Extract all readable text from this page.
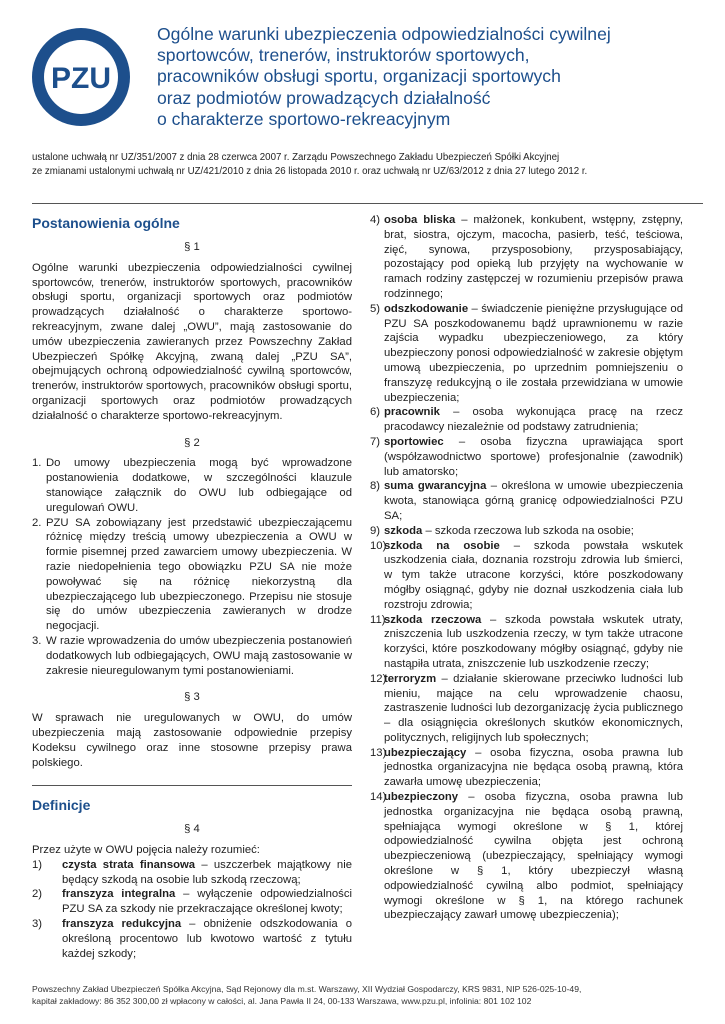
PZU
Ogólne warunki ubezpieczenia odpowiedzialności cywilnej
sportowców, trenerów, instruktorów sportowych,
pracowników obsługi sportu, organizacji sportowych
oraz podmiotów prowadzących działalność
o charakterze sportowo-rekreacyjnym
ustalone uchwałą nr UZ/351/2007 z dnia 28 czerwca 2007 r. Zarządu Powszechnego Zakładu Ubezpieczeń Spółki Akcyjnej
ze zmianami ustalonymi uchwałą nr UZ/421/2010 z dnia 26 listopada 2010 r. oraz uchwałą nr UZ/63/2012 z dnia 27 lutego 2012 r.
Postanowienia ogólne
§ 1

Ogólne warunki ubezpieczenia odpowiedzialności cywilnej sportowców, trenerów, instruktorów sportowych, pracowników obsługi sportu, organizacji sportowych oraz podmiotów prowadzących działalność o charakterze sportowo-rekreacyjnym, zwane dalej „OWU”, mają zastosowanie do umów ubezpieczenia zawieranych przez Powszechny Zakład Ubezpieczeń Spółkę Akcyjną, zwaną dalej „PZU SA”, obejmujących ochroną odpowiedzialność cywilną sportowców, trenerów, instruktorów sportowych, pracowników obsługi sportu, organizacji sportowych oraz podmiotów prowadzących działalność o charakterze sportowo-rekreacyjnym.

§ 2
1. Do umowy ubezpieczenia mogą być wprowadzone postanowienia dodatkowe, w szczególności klauzule stanowiące załącznik do OWU lub odbiegające od uregulowań OWU.
2. PZU SA zobowiązany jest przedstawić ubezpieczającemu różnicę między treścią umowy ubezpieczenia a OWU w formie pisemnej przed zawarciem umowy ubezpieczenia. W razie niedopełnienia tego obowiązku PZU SA nie może powoływać się na różnicę niekorzystną dla ubezpieczającego lub ubezpieczonego. Przepisu nie stosuje się do umów ubezpieczenia zawieranych w drodze negocjacji.
3. W razie wprowadzenia do umów ubezpieczenia postanowień dodatkowych lub odbiegających, OWU mają zastosowanie w zakresie nieuregulowanym tymi postanowieniami.
§ 3

W sprawach nie uregulowanych w OWU, do umów ubezpieczenia mają zastosowanie odpowiednie przepisy Kodeksu cywilnego oraz inne stosowne przepisy prawa polskiego.

Definicje
§ 4

Przez użyte w OWU pojęcia należy rozumieć:

1)	czysta strata finansowa – uszczerbek majątkowy nie będący szkodą na osobie lub szkodą rzeczową;
2)	franszyza integralna – wyłączenie odpowiedzialności PZU SA za szkody nie przekraczające określonej kwoty;
3)	franszyza redukcyjna – obniżenie odszkodowania o określoną procentowo lub kwotowo wartość z tytułu każdej szkody;
4) osoba bliska – małżonek, konkubent, wstępny, zstępny, brat, siostra, ojczym, macocha, pasierb, teść, teściowa, zięć, synowa, przysposobiony, przysposabiający, pozostający pod opieką lub przyjęty na wychowanie w ramach rodziny zastępczej w rozumieniu przepisów prawa rodzinnego;
5) odszkodowanie – świadczenie pieniężne przysługujące od PZU SA poszkodowanemu bądź uprawnionemu w razie zajścia wypadku ubezpieczeniowego, za który ubezpieczony ponosi odpowiedzialność w zakresie objętym umową ubezpieczenia, po uprzednim pomniejszeniu o franszyzę redukcyjną o ile została przewidziana w umowie ubezpieczenia;
6) pracownik – osoba wykonująca pracę na rzecz pracodawcy niezależnie od podstawy zatrudnienia;
7) sportowiec – osoba fizyczna uprawiająca sport (współzawodnictwo sportowe) profesjonalnie (zawodnik) lub amatorsko;
8) suma gwarancyjna – określona w umowie ubezpieczenia kwota, stanowiąca górną granicę odpowiedzialności PZU SA;
9) szkoda – szkoda rzeczowa lub szkoda na osobie;
10)
szkoda na osobie – szkoda powstała wskutek uszkodzenia ciała, doznania rozstroju zdrowia lub śmierci, w tym także utracone korzyści, które poszkodowany mógłby osiągnąć, gdyby nie doznał uszkodzenia ciała lub rozstroju zdrowia;
11)
szkoda rzeczowa – szkoda powstała wskutek utraty, zniszczenia lub uszkodzenia rzeczy, w tym także utracone korzyści, które poszkodowany mógłby osiągnąć, gdyby nie nastąpiła utrata, zniszczenie lub uszkodzenie rzeczy;
12)
terroryzm – działanie skierowane przeciwko ludności lub mieniu, mające na celu wprowadzenie chaosu, zastraszenie ludności lub dezorganizację życia publicznego – dla osiągnięcia określonych skutków ekonomicznych, politycznych, religijnych lub społecznych;
13)
ubezpieczający – osoba fizyczna, osoba prawna lub jednostka organizacyjna nie będąca osobą prawną, która zawarła umowę ubezpieczenia;
14)
ubezpieczony – osoba fizyczna, osoba prawna lub jednostka organizacyjna nie będąca osobą prawną, spełniająca wymogi określone w § 1, której odpowiedzialność cywilna objęta jest ochroną ubezpieczeniową (ubezpieczający, spełniający wymogi określone w § 1, który ubezpieczył własną odpowiedzialność cywilną albo podmiot, spełniający wymogi określone w § 1, na którego rachunek ubezpieczający zawarł umowę ubezpieczenia);
Powszechny Zakład Ubezpieczeń Spółka Akcyjna, Sąd Rejonowy dla m.st. Warszawy, XII Wydział Gospodarczy, KRS 9831, NIP 526-025-10-49,
kapitał zakładowy: 86 352 300,00 zł wpłacony w całości, al. Jana Pawła II 24, 00-133 Warszawa, www.pzu.pl, infolinia: 801 102 102
